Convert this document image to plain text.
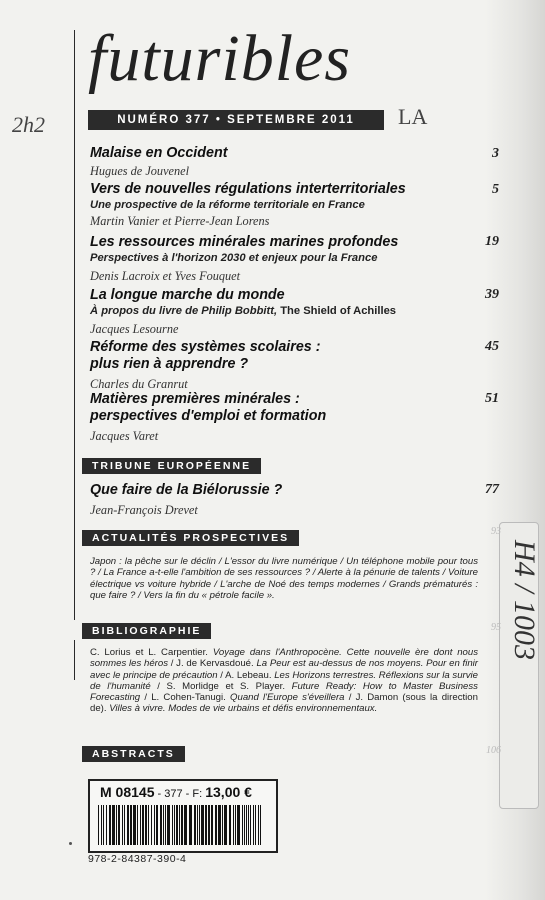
futuribles
NUMÉRO 377 • SEPTEMBRE 2011
2h2	LA
Malaise en Occident
Hugues de Jouvenel
3
Vers de nouvelles régulations interterritoriales
Une prospective de la réforme territoriale en France
Martin Vanier et Pierre-Jean Lorens
5
Les ressources minérales marines profondes
Perspectives à l'horizon 2030 et enjeux pour la France
Denis Lacroix et Yves Fouquet
19
La longue marche du monde
À propos du livre de Philip Bobbitt, The Shield of Achilles
Jacques Lesourne
39
Réforme des systèmes scolaires :
plus rien à apprendre ?
Charles du Granrut
45
Matières premières minérales :
perspectives d'emploi et formation
Jacques Varet
51
TRIBUNE EUROPÉENNE
Que faire de la Biélorussie ?
Jean-François Drevet
77
ACTUALITÉS PROSPECTIVES
Japon : la pêche sur le déclin / L'essor du livre numérique / Un téléphone mobile pour tous ? / La France a-t-elle l'ambition de ses ressources ? / Alerte à la pénurie de talents / Voiture électrique vs voiture hybride / L'arche de Noé des temps modernes / Grands prématurés : que faire ? / Vers la fin du « pétrole facile ».
BIBLIOGRAPHIE
C. Lorius et L. Carpentier. Voyage dans l'Anthropocène. Cette nouvelle ère dont nous sommes les héros / J. de Kervasdoué. La Peur est au-dessus de nos moyens. Pour en finir avec le principe de précaution / A. Lebeau. Les Horizons terrestres. Réflexions sur la survie de l'humanité / S. Morlidge et S. Player. Future Ready: How to Master Business Forecasting / L. Cohen-Tanugi. Quand l'Europe s'éveillera / J. Damon (sous la direction de). Villes à vivre. Modes de vie urbains et défis environnementaux.
ABSTRACTS
M 08145 - 377 - F: 13,00 €
978-2-84387-390-4
H4 / 1003
93
95
106
